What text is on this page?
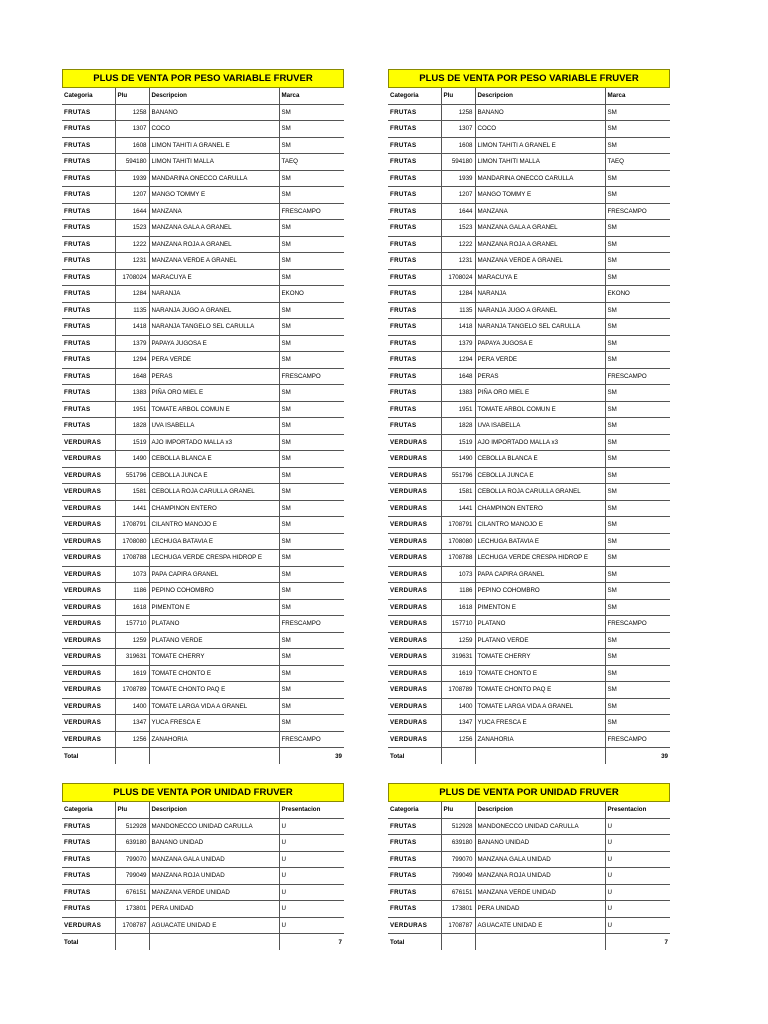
PLUS DE VENTA POR PESO VARIABLE FRUVER
Categoria	Plu	Descripcion	Marca
FRUTAS	1258	BANANO	SM
FRUTAS	1307	COCO	SM
FRUTAS	1608	LIMON TAHITI A GRANEL E	SM
FRUTAS	594180	LIMON TAHITI MALLA	TAEQ
FRUTAS	1939	MANDARINA ONECCO CARULLA	SM
FRUTAS	1207	MANGO TOMMY E	SM
FRUTAS	1644	MANZANA	FRESCAMPO
FRUTAS	1523	MANZANA GALA A GRANEL	SM
FRUTAS	1222	MANZANA ROJA A GRANEL	SM
FRUTAS	1231	MANZANA VERDE A GRANEL	SM
FRUTAS	1708024	MARACUYA E	SM
FRUTAS	1284	NARANJA	EKONO
FRUTAS	1135	NARANJA JUGO A GRANEL	SM
FRUTAS	1418	NARANJA TANGELO SEL CARULLA	SM
FRUTAS	1379	PAPAYA JUGOSA E	SM
FRUTAS	1294	PERA VERDE	SM
FRUTAS	1648	PERAS	FRESCAMPO
FRUTAS	1383	PIÑA ORO MIEL E	SM
FRUTAS	1951	TOMATE ARBOL COMUN E	SM
FRUTAS	1828	UVA ISABELLA	SM
VERDURAS	1519	AJO IMPORTADO MALLA x3	SM
VERDURAS	1490	CEBOLLA BLANCA E	SM
VERDURAS	551796	CEBOLLA JUNCA E	SM
VERDURAS	1581	CEBOLLA ROJA CARULLA GRANEL	SM
VERDURAS	1441	CHAMPINON ENTERO	SM
VERDURAS	1708791	CILANTRO MANOJO E	SM
VERDURAS	1708080	LECHUGA BATAVIA E	SM
VERDURAS	1708788	LECHUGA VERDE CRESPA HIDROP E	SM
VERDURAS	1073	PAPA CAPIRA GRANEL	SM
VERDURAS	1186	PEPINO COHOMBRO	SM
VERDURAS	1618	PIMENTON E	SM
VERDURAS	157710	PLATANO	FRESCAMPO
VERDURAS	1259	PLATANO VERDE	SM
VERDURAS	319631	TOMATE CHERRY	SM
VERDURAS	1619	TOMATE CHONTO E	SM
VERDURAS	1708789	TOMATE CHONTO PAQ E	SM
VERDURAS	1400	TOMATE LARGA VIDA A GRANEL	SM
VERDURAS	1347	YUCA FRESCA E	SM
VERDURAS	1256	ZANAHORIA	FRESCAMPO
Total			39
PLUS DE VENTA POR PESO VARIABLE FRUVER
Categoria	Plu	Descripcion	Marca
FRUTAS	1258	BANANO	SM
FRUTAS	1307	COCO	SM
FRUTAS	1608	LIMON TAHITI A GRANEL E	SM
FRUTAS	594180	LIMON TAHITI MALLA	TAEQ
FRUTAS	1939	MANDARINA ONECCO CARULLA	SM
FRUTAS	1207	MANGO TOMMY E	SM
FRUTAS	1644	MANZANA	FRESCAMPO
FRUTAS	1523	MANZANA GALA A GRANEL	SM
FRUTAS	1222	MANZANA ROJA A GRANEL	SM
FRUTAS	1231	MANZANA VERDE A GRANEL	SM
FRUTAS	1708024	MARACUYA E	SM
FRUTAS	1284	NARANJA	EKONO
FRUTAS	1135	NARANJA JUGO A GRANEL	SM
FRUTAS	1418	NARANJA TANGELO SEL CARULLA	SM
FRUTAS	1379	PAPAYA JUGOSA E	SM
FRUTAS	1294	PERA VERDE	SM
FRUTAS	1648	PERAS	FRESCAMPO
FRUTAS	1383	PIÑA ORO MIEL E	SM
FRUTAS	1951	TOMATE ARBOL COMUN E	SM
FRUTAS	1828	UVA ISABELLA	SM
VERDURAS	1519	AJO IMPORTADO MALLA x3	SM
VERDURAS	1490	CEBOLLA BLANCA E	SM
VERDURAS	551796	CEBOLLA JUNCA E	SM
VERDURAS	1581	CEBOLLA ROJA CARULLA GRANEL	SM
VERDURAS	1441	CHAMPINON ENTERO	SM
VERDURAS	1708791	CILANTRO MANOJO E	SM
VERDURAS	1708080	LECHUGA BATAVIA E	SM
VERDURAS	1708788	LECHUGA VERDE CRESPA HIDROP E	SM
VERDURAS	1073	PAPA CAPIRA GRANEL	SM
VERDURAS	1186	PEPINO COHOMBRO	SM
VERDURAS	1618	PIMENTON E	SM
VERDURAS	157710	PLATANO	FRESCAMPO
VERDURAS	1259	PLATANO VERDE	SM
VERDURAS	319631	TOMATE CHERRY	SM
VERDURAS	1619	TOMATE CHONTO E	SM
VERDURAS	1708789	TOMATE CHONTO PAQ E	SM
VERDURAS	1400	TOMATE LARGA VIDA A GRANEL	SM
VERDURAS	1347	YUCA FRESCA E	SM
VERDURAS	1256	ZANAHORIA	FRESCAMPO
Total			39
PLUS DE VENTA POR UNIDAD FRUVER
Categoria	Plu	Descripcion	Presentacion
FRUTAS	512928	MANDONECCO UNIDAD CARULLA	U
FRUTAS	639180	BANANO UNIDAD	U
FRUTAS	799070	MANZANA GALA UNIDAD	U
FRUTAS	799049	MANZANA ROJA UNIDAD	U
FRUTAS	676151	MANZANA VERDE UNIDAD	U
FRUTAS	173801	PERA UNIDAD	U
VERDURAS	1708787	AGUACATE UNIDAD E	U
Total			7
PLUS DE VENTA POR UNIDAD FRUVER
Categoria	Plu	Descripcion	Presentacion
FRUTAS	512928	MANDONECCO UNIDAD CARULLA	U
FRUTAS	639180	BANANO UNIDAD	U
FRUTAS	799070	MANZANA GALA UNIDAD	U
FRUTAS	799049	MANZANA ROJA UNIDAD	U
FRUTAS	676151	MANZANA VERDE UNIDAD	U
FRUTAS	173801	PERA UNIDAD	U
VERDURAS	1708787	AGUACATE UNIDAD E	U
Total			7
